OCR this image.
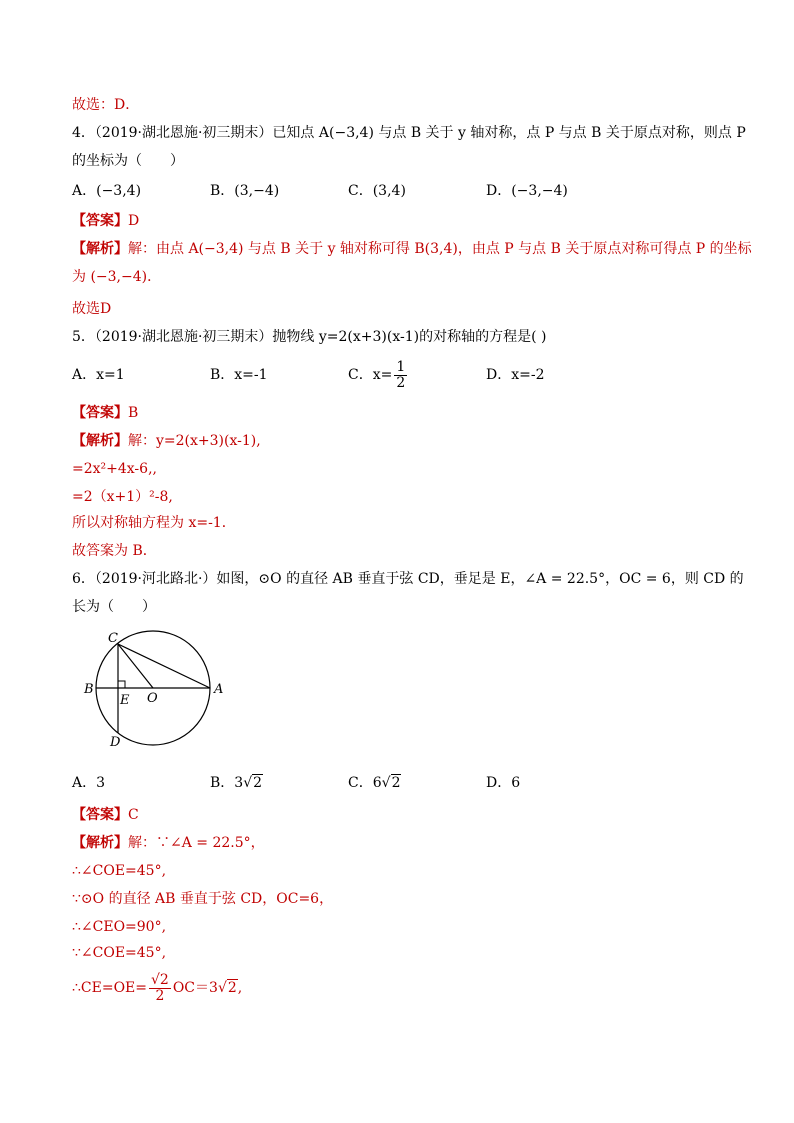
故选：D．
4．（2019·湖北恩施·初三期末）已知点 A(−3,4) 与点 B 关于 y 轴对称，点 P 与点 B 关于原点对称，则点 P
的坐标为（　　）
A．(−3,4)	B．(3,−4)	C．(3,4)	D．(−3,−4)
【答案】D
【解析】解：由点 A(−3,4) 与点 B 关于 y 轴对称可得 B(3,4)，由点 P 与点 B 关于原点对称可得点 P 的坐标
为 (−3,−4)．
故选D
5．（2019·湖北恩施·初三期末）抛物线 y=2(x+3)(x-1)的对称轴的方程是( )
A．x=1	B．x=-1	C．$x= \frac{1}{2}$	D．x=-2
【答案】B
【解析】解：y=2(x+3)(x-1),
=2x²+4x-6,,
=2（x+1）²-8,
所以对称轴方程为 x=-1．
故答案为 B．
6．（2019·河北路北·）如图，⊙O 的直径 AB 垂直于弦 CD，垂足是 E，∠A = 22.5°，OC = 6，则 CD 的
长为（　　）
C
B
E O
A
D
A．3	B．3√2	C．6√2	D．6
【答案】C
【解析】解：∵∠A = 22.5°，
∴∠COE=45°,
∵⊙O 的直径 AB 垂直于弦 CD，OC=6，
∴∠CEO=90°,
∵∠COE=45°,
∴CE=OE= $\frac{√2}{2} OC=3√2$,
